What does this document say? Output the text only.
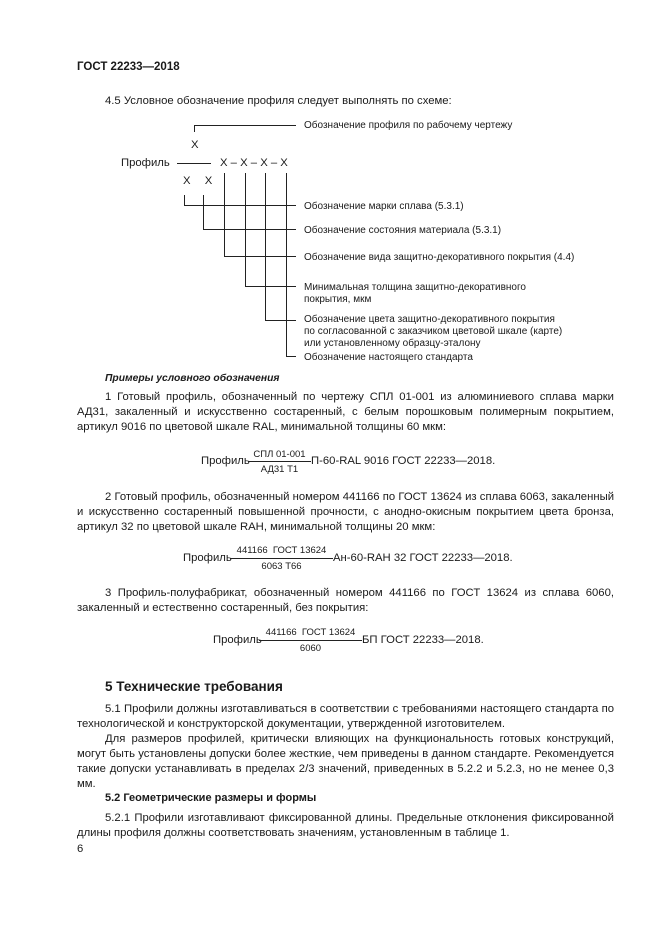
ГОСТ 22233—2018
4.5 Условное обозначение профиля следует выполнять по схеме:
X
Профиль	X – X – X – X
X  X
Обозначение профиля по рабочему чертежу
Обозначение марки сплава (5.3.1)
Обозначение состояния материала (5.3.1)
Обозначение вида защитно-декоративного покрытия (4.4)
Минимальная толщина защитно-декоративного
покрытия, мкм
Обозначение цвета защитно-декоративного покрытия
по согласованной с заказчиком цветовой шкале (карте)
или установленному образцу-эталону
Обозначение настоящего стандарта
Примеры условного обозначения
1 Готовый профиль, обозначенный по чертежу СПЛ 01-001 из алюминиевого сплава марки АД31, закаленный и искусственно состаренный, с белым порошковым полимерным покрытием, артикул 9016 по цветовой шкале RAL, минимальной толщины 60 мкм:
Профиль
СПЛ 01-001
АД31 Т1
П-60-RAL 9016 ГОСТ 22233—2018.
2 Готовый профиль, обозначенный номером 441166 по ГОСТ 13624 из сплава 6063, закаленный и искусственно состаренный повышенной прочности, с анодно-окисным покрытием цвета бронза, артикул 32 по цветовой шкале RAH, минимальной толщины 20 мкм:
Профиль
441166  ГОСТ 13624
6063 Т66
Ан-60-RAH 32 ГОСТ 22233—2018.
3 Профиль-полуфабрикат, обозначенный номером 441166 по ГОСТ 13624 из сплава 6060, закаленный и естественно состаренный, без покрытия:
Профиль
441166  ГОСТ 13624
6060
БП ГОСТ 22233—2018.
5 Технические требования
5.1 Профили должны изготавливаться в соответствии с требованиями настоящего стандарта по технологической и конструкторской документации, утвержденной изготовителем.
Для размеров профилей, критически влияющих на функциональность готовых конструкций, могут быть установлены допуски более жесткие, чем приведены в данном стандарте. Рекомендуется такие допуски устанавливать в пределах 2/3 значений, приведенных в 5.2.2 и 5.2.3, но не менее 0,3 мм.
5.2 Геометрические размеры и формы
5.2.1 Профили изготавливают фиксированной длины. Предельные отклонения фиксированной длины профиля должны соответствовать значениям, установленным в таблице 1.
6
